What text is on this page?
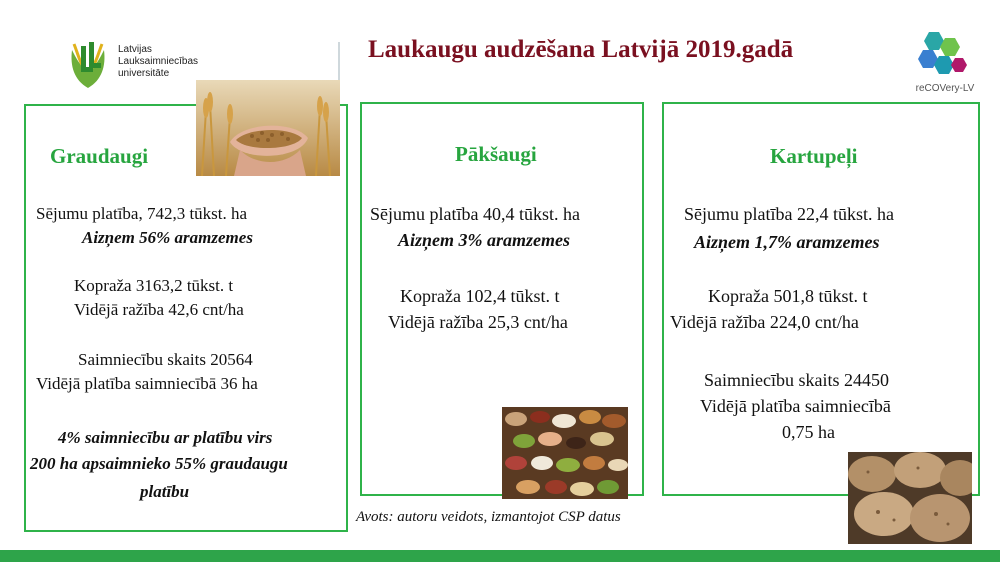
Latvijas
Lauksaimniecības
universitāte
Laukaugu audzēšana Latvijā 2019.gadā
reCOVery-LV
Graudaugi
Sējumu platība, 742,3 tūkst. ha
Aizņem 56% aramzemes
Kopraža 3163,2 tūkst. t
Vidējā ražība 42,6 cnt/ha
Saimniecību skaits 20564
Vidējā platība saimniecībā 36 ha
4% saimniecību ar platību virs
200 ha apsaimnieko 55% graudaugu
platību
Pākšaugi
Sējumu platība 40,4 tūkst. ha
Aizņem 3% aramzemes
Kopraža 102,4 tūkst. t
Vidējā ražība 25,3 cnt/ha
Kartupeļi
Sējumu platība 22,4 tūkst. ha
Aizņem 1,7% aramzemes
Kopraža 501,8 tūkst. t
Vidējā ražība 224,0 cnt/ha
Saimniecību skaits 24450
Vidējā platība saimniecībā
0,75 ha
Avots: autoru veidots, izmantojot CSP datus
